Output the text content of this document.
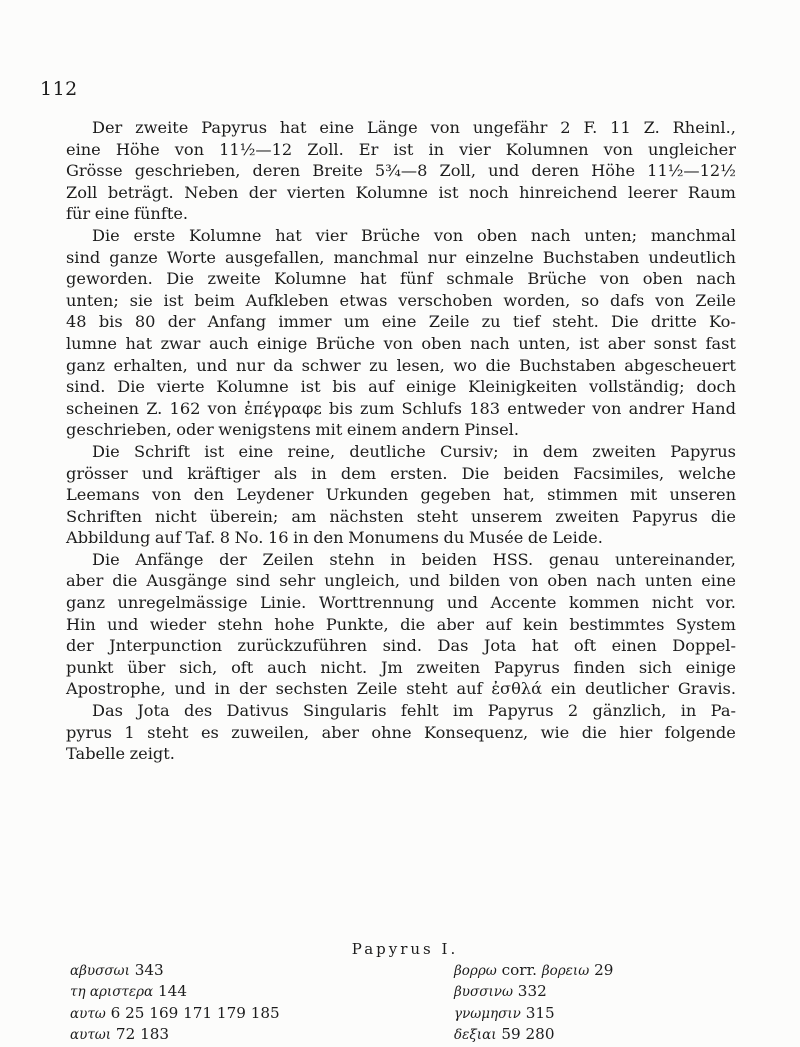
112
Der zweite Papyrus hat eine Länge von ungefähr 2 F. 11 Z. Rheinl.,
eine Höhe von 11½—12 Zoll. Er ist in vier Kolumnen von ungleicher
Grösse geschrieben, deren Breite 5¾—8 Zoll, und deren Höhe 11½—12½
Zoll beträgt. Neben der vierten Kolumne ist noch hinreichend leerer Raum
für eine fünfte.
Die erste Kolumne hat vier Brüche von oben nach unten; manchmal
sind ganze Worte ausgefallen, manchmal nur einzelne Buchstaben undeutlich
geworden. Die zweite Kolumne hat fünf schmale Brüche von oben nach
unten; sie ist beim Aufkleben etwas verschoben worden, so dafs von Zeile
48 bis 80 der Anfang immer um eine Zeile zu tief steht. Die dritte Ko-
lumne hat zwar auch einige Brüche von oben nach unten, ist aber sonst fast
ganz erhalten, und nur da schwer zu lesen, wo die Buchstaben abgescheuert
sind. Die vierte Kolumne ist bis auf einige Kleinigkeiten vollständig; doch
scheinen Z. 162 von ἐπέγραφε bis zum Schlufs 183 entweder von andrer Hand
geschrieben, oder wenigstens mit einem andern Pinsel.
Die Schrift ist eine reine, deutliche Cursiv; in dem zweiten Papyrus
grösser und kräftiger als in dem ersten. Die beiden Facsimiles, welche
Leemans von den Leydener Urkunden gegeben hat, stimmen mit unseren
Schriften nicht überein; am nächsten steht unserem zweiten Papyrus die
Abbildung auf Taf. 8 No. 16 in den Monumens du Musée de Leide.
Die Anfänge der Zeilen stehn in beiden HSS. genau untereinander,
aber die Ausgänge sind sehr ungleich, und bilden von oben nach unten eine
ganz unregelmässige Linie. Worttrennung und Accente kommen nicht vor.
Hin und wieder stehn hohe Punkte, die aber auf kein bestimmtes System
der Jnterpunction zurückzuführen sind. Das Jota hat oft einen Doppel-
punkt über sich, oft auch nicht. Jm zweiten Papyrus finden sich einige
Apostrophe, und in der sechsten Zeile steht auf ἐσθλά ein deutlicher Gravis.
Das Jota des Dativus Singularis fehlt im Papyrus 2 gänzlich, in Pa-
pyrus 1 steht es zuweilen, aber ohne Konsequenz, wie die hier folgende
Tabelle zeigt.
Papyrus I.
αβυσσωι 343	βορρω corr. βορειω 29
τη αριστερα 144	βυσσινω 332
αυτω 6 25 169 171 179 185	γνωμησιν 315
αυτωι 72 183	δεξιαι 59 280
